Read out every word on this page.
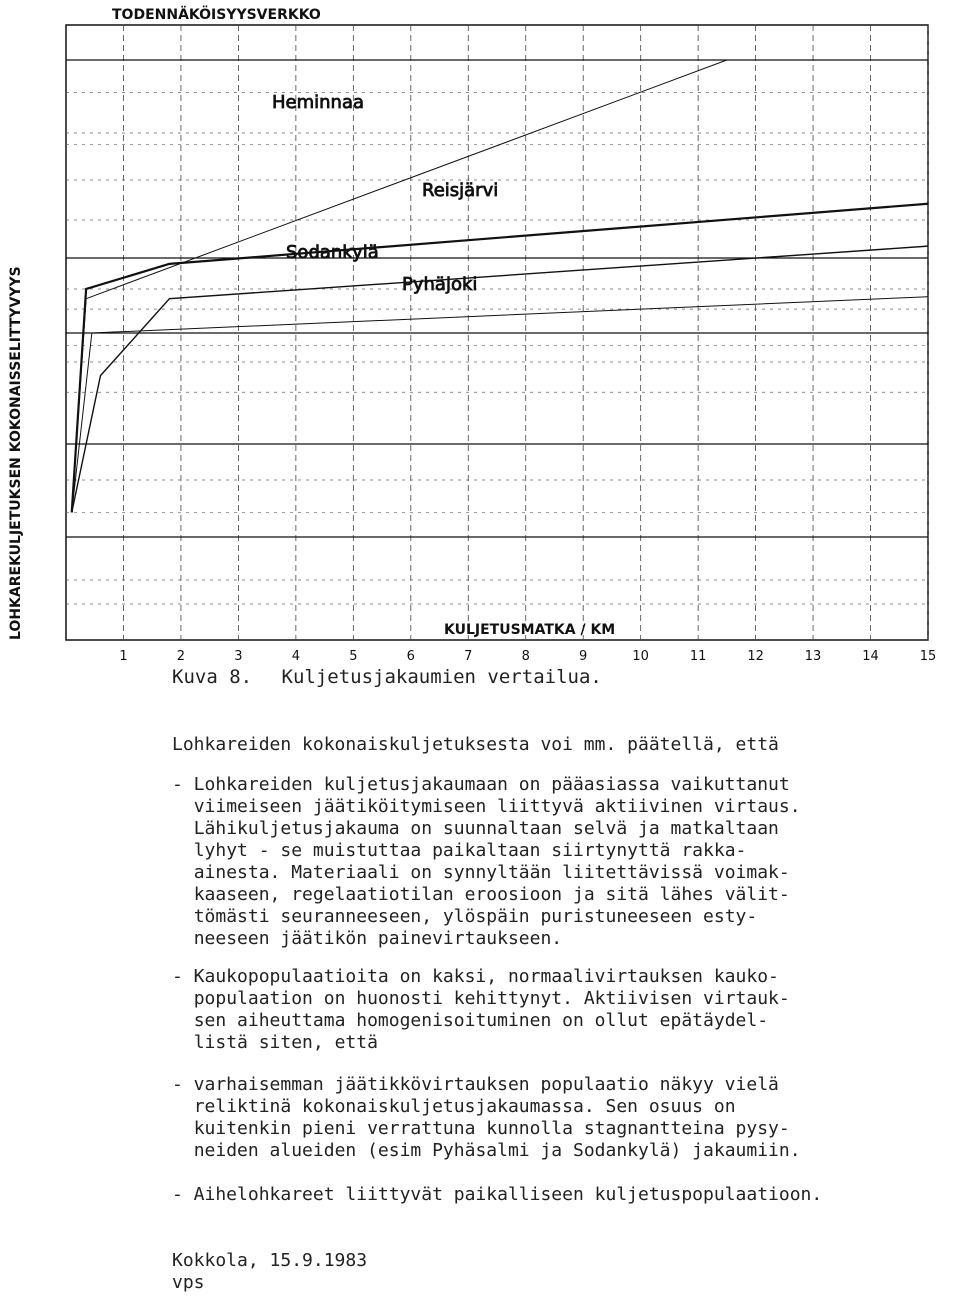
1	2	3	4	5	6	7	8	9	10	11	12	13	14	15
Heminnaa
Reisjärvi
Sodankylä
Pyhäjoki
TODENNÄKÖISYYSVERKKO
LOHKAREKULJETUKSEN KOKONAISSELITTYVYYS	KULJETUSMATKA / KM
Kuva 8. Kuljetusjakaumien vertailua.
Lohkareiden kokonaiskuljetuksesta voi mm. päätellä, että
- Lohkareiden kuljetusjakaumaan on pääasiassa vaikuttanut
viimeiseen jäätiköitymiseen liittyvä aktiivinen virtaus.
Lähikuljetusjakauma on suunnaltaan selvä ja matkaltaan
lyhyt - se muistuttaa paikaltaan siirtynyttä rakka-
ainesta. Materiaali on synnyltään liitettävissä voimak-
kaaseen, regelaatiotilan eroosioon ja sitä lähes välit-
tömästi seuranneeseen, ylöspäin puristuneeseen esty-
neeseen jäätikön painevirtaukseen.
- Kaukopopulaatioita on kaksi, normaalivirtauksen kauko-
populaation on huonosti kehittynyt. Aktiivisen virtauk-
sen aiheuttama homogenisoituminen on ollut epätäydel-
listä siten, että
- varhaisemman jäätikkövirtauksen populaatio näkyy vielä
reliktinä kokonaiskuljetusjakaumassa. Sen osuus on
kuitenkin pieni verrattuna kunnolla stagnantteina pysy-
neiden alueiden (esim Pyhäsalmi ja Sodankylä) jakaumiin.
- Aihelohkareet liittyvät paikalliseen kuljetuspopulaatioon.
Kokkola, 15.9.1983
vps
